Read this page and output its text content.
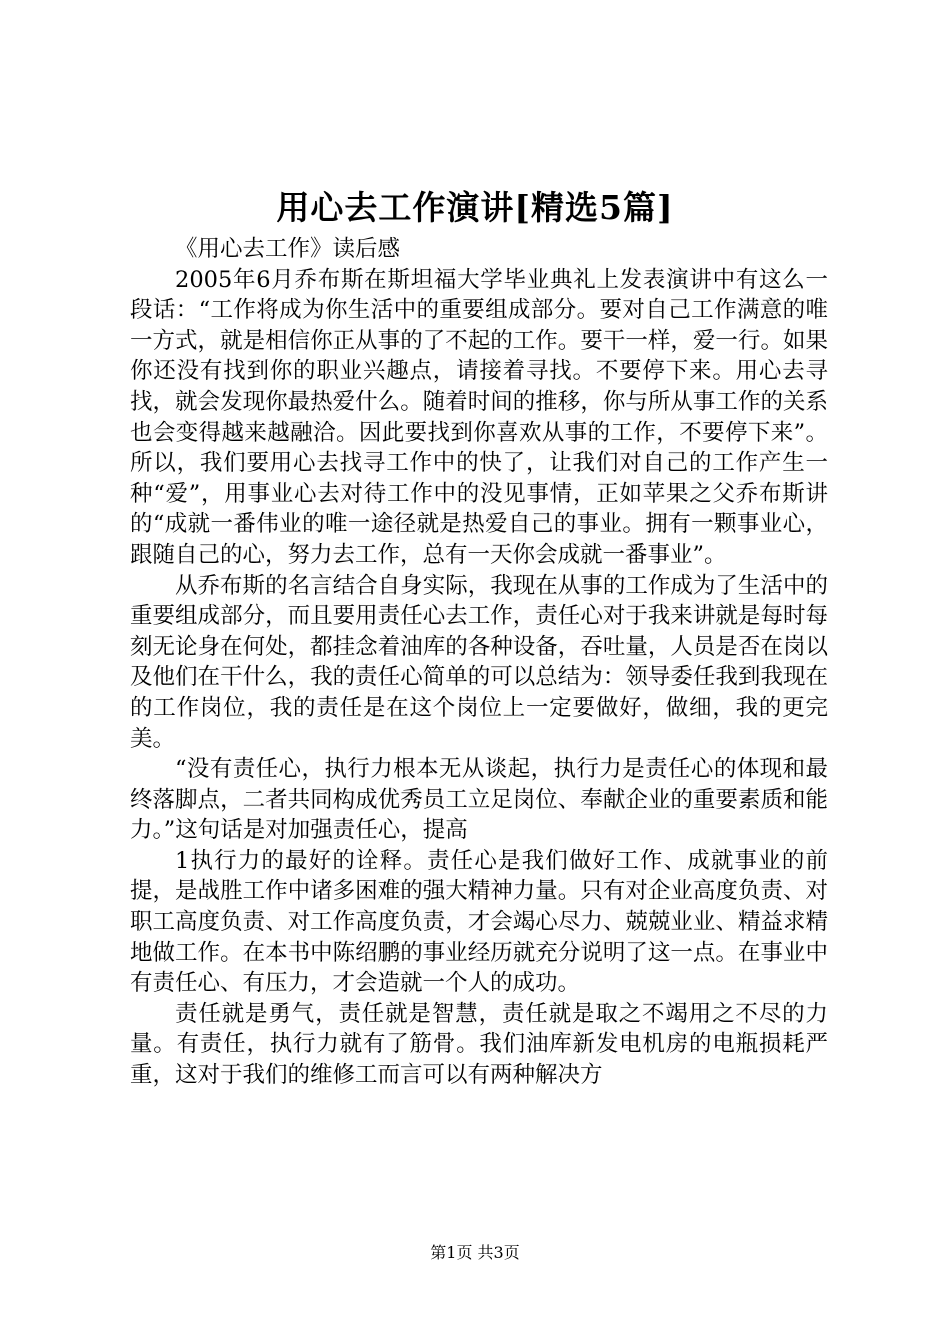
用心去工作演讲[精选5篇]

《用心去工作》读后感

2005年6月乔布斯在斯坦福大学毕业典礼上发表演讲中有这么一段话：“工作将成为你生活中的重要组成部分。要对自己工作满意的唯一方式，就是相信你正从事的了不起的工作。要干一样，爱一行。如果你还没有找到你的职业兴趣点，请接着寻找。不要停下来。用心去寻找，就会发现你最热爱什么。随着时间的推移，你与所从事工作的关系也会变得越来越融洽。因此要找到你喜欢从事的工作，不要停下来”。所以，我们要用心去找寻工作中的快了，让我们对自己的工作产生一种“爱”，用事业心去对待工作中的没见事情，正如苹果之父乔布斯讲的“成就一番伟业的唯一途径就是热爱自己的事业。拥有一颗事业心，跟随自己的心，努力去工作，总有一天你会成就一番事业”。

从乔布斯的名言结合自身实际，我现在从事的工作成为了生活中的重要组成部分，而且要用责任心去工作，责任心对于我来讲就是每时每刻无论身在何处，都挂念着油库的各种设备，吞吐量，人员是否在岗以及他们在干什么，我的责任心简单的可以总结为：领导委任我到我现在的工作岗位，我的责任是在这个岗位上一定要做好，做细，我的更完美。

“没有责任心，执行力根本无从谈起，执行力是责任心的体现和最终落脚点，二者共同构成优秀员工立足岗位、奉献企业的重要素质和能力。”这句话是对加强责任心，提高

1执行力的最好的诠释。责任心是我们做好工作、成就事业的前提，是战胜工作中诸多困难的强大精神力量。只有对企业高度负责、对职工高度负责、对工作高度负责，才会竭心尽力、兢兢业业、精益求精地做工作。在本书中陈绍鹏的事业经历就充分说明了这一点。在事业中有责任心、有压力，才会造就一个人的成功。

责任就是勇气，责任就是智慧，责任就是取之不竭用之不尽的力量。有责任，执行力就有了筋骨。我们油库新发电机房的电瓶损耗严重，这对于我们的维修工而言可以有两种解决方

第1页 共3页
